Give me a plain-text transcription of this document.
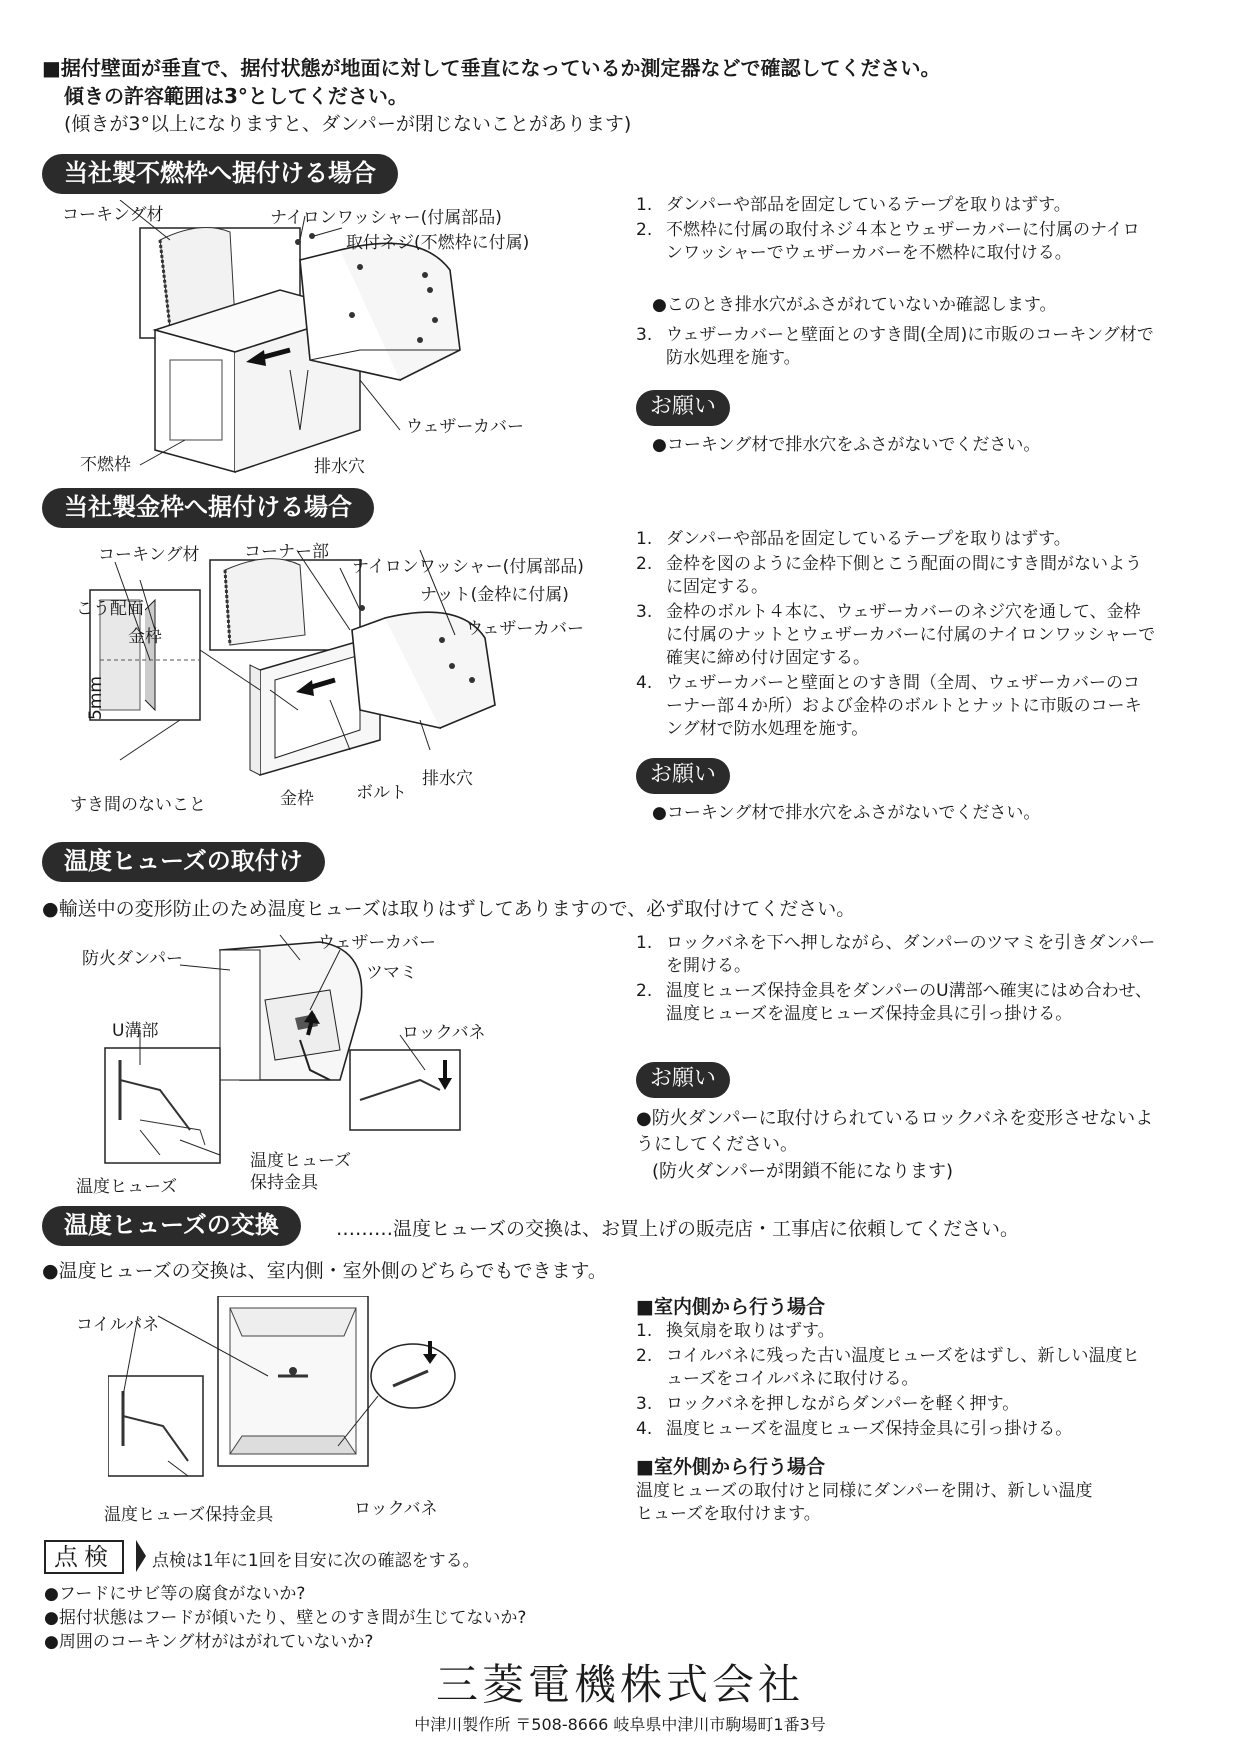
■据付壁面が垂直で、据付状態が地面に対して垂直になっているか測定器などで確認してください。
傾きの許容範囲は3°としてください。
(傾きが3°以上になりますと、ダンパーが閉じないことがあります)
当社製不燃枠へ据付ける場合
コーキング材	ナイロンワッシャー(付属部品)
取付ネジ(不燃枠に付属)
ウェザーカバー
不燃枠	排水穴
1. ダンパーや部品を固定しているテープを取りはずす。
2. 不燃枠に付属の取付ネジ４本とウェザーカバーに付属のナイロンワッシャーでウェザーカバーを不燃枠に取付ける。
●このとき排水穴がふさがれていないか確認します。
3. ウェザーカバーと壁面とのすき間(全周)に市販のコーキング材で防水処理を施す。
お願い
●コーキング材で排水穴をふさがないでください。
当社製金枠へ据付ける場合
コーキング材	コーナー部
ナイロンワッシャー(付属部品)
ナット(金枠に付属)
ウェザーカバー
こう配面
金枠
5mm
すき間のないこと	金枠 ボルト
排水穴
1. ダンパーや部品を固定しているテープを取りはずす。
2. 金枠を図のように金枠下側とこう配面の間にすき間がないように固定する。
3. 金枠のボルト４本に、ウェザーカバーのネジ穴を通して、金枠に付属のナットとウェザーカバーに付属のナイロンワッシャーで確実に締め付け固定する。
4. ウェザーカバーと壁面とのすき間（全周、ウェザーカバーのコーナー部４か所）および金枠のボルトとナットに市販のコーキング材で防水処理を施す。
お願い
●コーキング材で排水穴をふさがないでください。
温度ヒューズの取付け
●輸送中の変形防止のため温度ヒューズは取りはずしてありますので、必ず取付けてください。
防火ダンパー
ウェザーカバー
ツマミ
U溝部	ロックバネ
温度ヒューズ
保持金具
温度ヒューズ
1. ロックバネを下へ押しながら、ダンパーのツマミを引きダンパーを開ける。
2. 温度ヒューズ保持金具をダンパーのU溝部へ確実にはめ合わせ、温度ヒューズを温度ヒューズ保持金具に引っ掛ける。
お願い
●防火ダンパーに取付けられているロックバネを変形させないようにしてください。
(防火ダンパーが閉鎖不能になります)
温度ヒューズの交換	………温度ヒューズの交換は、お買上げの販売店・工事店に依頼してください。
●温度ヒューズの交換は、室内側・室外側のどちらでもできます。
コイルバネ
温度ヒューズ保持金具	ロックバネ
■室内側から行う場合
1. 換気扇を取りはずす。
2. コイルバネに残った古い温度ヒューズをはずし、新しい温度ヒューズをコイルバネに取付ける。
3. ロックバネを押しながらダンパーを軽く押す。
4. 温度ヒューズを温度ヒューズ保持金具に引っ掛ける。
■室外側から行う場合
温度ヒューズの取付けと同様にダンパーを開け、新しい温度ヒューズを取付けます。
点検	点検は1年に1回を目安に次の確認をする。
●フードにサビ等の腐食がないか?
●据付状態はフードが傾いたり、壁とのすき間が生じてないか?
●周囲のコーキング材がはがれていないか?
三菱電機株式会社
中津川製作所 〒508-8666 岐阜県中津川市駒場町1番3号
